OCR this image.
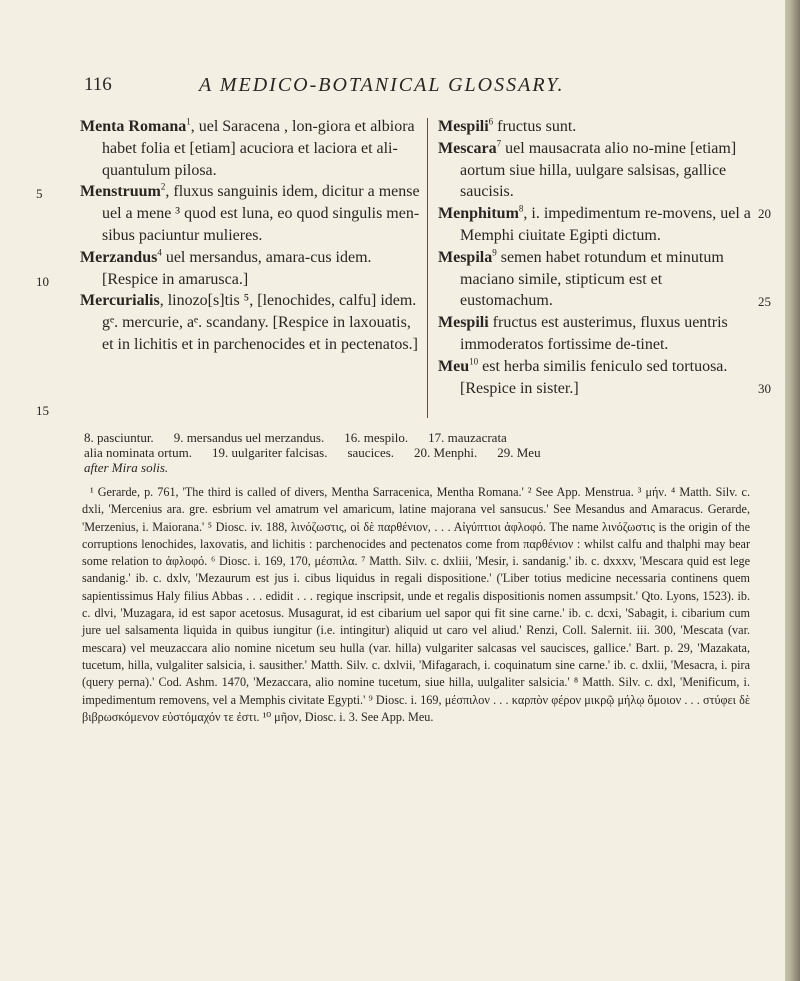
116	A MEDICO-BOTANICAL GLOSSARY.
Menta Romana$^1$, uel Saracena , lon-giora et albiora habet folia et [etiam] acuciora et laciora et ali-quantulum pilosa.
5	Menstruum$^2$, fluxus sanguinis idem, dicitur a mense uel a mene ³ quod est luna, eo quod singulis men-sibus paciuntur mulieres.
10
Merzandus$^4$ uel mersandus, amara-cus idem. [Respice in amarusca.]
15
Mercurialis, linozo[s]tis ⁵, [lenochides, calfu] idem. gᵉ. mercurie, aᵉ. scandany. [Respice in laxouatis, et in lichitis et in parchenocides et in pectenatos.]
Mespili$^6$ fructus sunt.
Mescara$^7$ uel mausacrata alio no-mine [etiam] aortum siue hilla, uulgare salsisas, gallice saucisis.
20
Menphitum$^8$, i. impedimentum re-movens, uel a Memphi ciuitate Egipti dictum.
25
Mespila$^9$ semen habet rotundum et minutum maciano simile, stipticum est et eustomachum.
Mespili fructus est austerimus, fluxus uentris immoderatos fortissime de-tinet.
30
Meu$^{10}$ est herba similis feniculo sed tortuosa. [Respice in sister.]
8. pasciuntur. 9. mersandus uel merzandus. 16. mespilo. 17. mauzacrata
alia nominata ortum. 19. uulgariter falcisas. saucices. 20. Menphi. 29. Meu
after Mira solis.

¹ Gerarde, p. 761, 'The third is called of divers, Mentha Sarracenica, Mentha Romana.' ² See App. Menstrua. ³ μήν. ⁴ Matth. Silv. c. dxli, 'Mercenius ara. gre. esbrium vel amatrum vel amaricum, latine majorana vel sansucus.' See Mesandus and Amaracus. Gerarde, 'Merzenius, i. Maiorana.' ⁵ Diosc. iv. 188, λινόζωστις, οἱ δὲ παρθένιον, . . . Αἰγύπτιοι ἀφλοφό. The name λινόζωστις is the origin of the corruptions lenochides, laxovatis, and lichitis : parchenocides and pectenatos come from παρθένιον : whilst calfu and thalphi may bear some relation to ἀφλοφό. ⁶ Diosc. i. 169, 170, μέσπιλα. ⁷ Matth. Silv. c. dxliii, 'Mesir, i. sandanig.' ib. c. dxxxv, 'Mescara quid est lege sandanig.' ib. c. dxlv, 'Mezaurum est jus i. cibus liquidus in regali dispositione.' ('Liber totius medicine necessaria continens quem sapientissimus Haly filius Abbas . . . edidit . . . regique inscripsit, unde et regalis dispositionis nomen assumpsit.' Qto. Lyons, 1523). ib. c. dlvi, 'Muzagara, id est sapor acetosus. Musagurat, id est cibarium uel sapor qui fit sine carne.' ib. c. dcxi, 'Sabagit, i. cibarium cum jure uel salsamenta liquida in quibus iungitur (i.e. intingitur) aliquid ut caro vel aliud.' Renzi, Coll. Salernit. iii. 300, 'Mescata (var. mescara) vel meuzaccara alio nomine nicetum seu hulla (var. hilla) vulgariter salcasas vel saucisces, gallice.' Bart. p. 29, 'Mazakata, tucetum, hilla, vulgaliter salsicia, i. sausither.' Matth. Silv. c. dxlvii, 'Mifagarach, i. coquinatum sine carne.' ib. c. dxlii, 'Mesacra, i. pira (query perna).' Cod. Ashm. 1470, 'Mezaccara, alio nomine tucetum, siue hilla, uulgaliter salsicia.' ⁸ Matth. Silv. c. dxl, 'Menificum, i. impedimentum removens, vel a Memphis civitate Egypti.' ⁹ Diosc. i. 169, μέσπιλον . . . καρπὸν φέρον μικρῷ μήλῳ ὅμοιον . . . στύφει δὲ βιβρωσκόμενον εὐστόμαχόν τε ἐστι. ¹⁰ μῆον, Diosc. i. 3. See App. Meu.
